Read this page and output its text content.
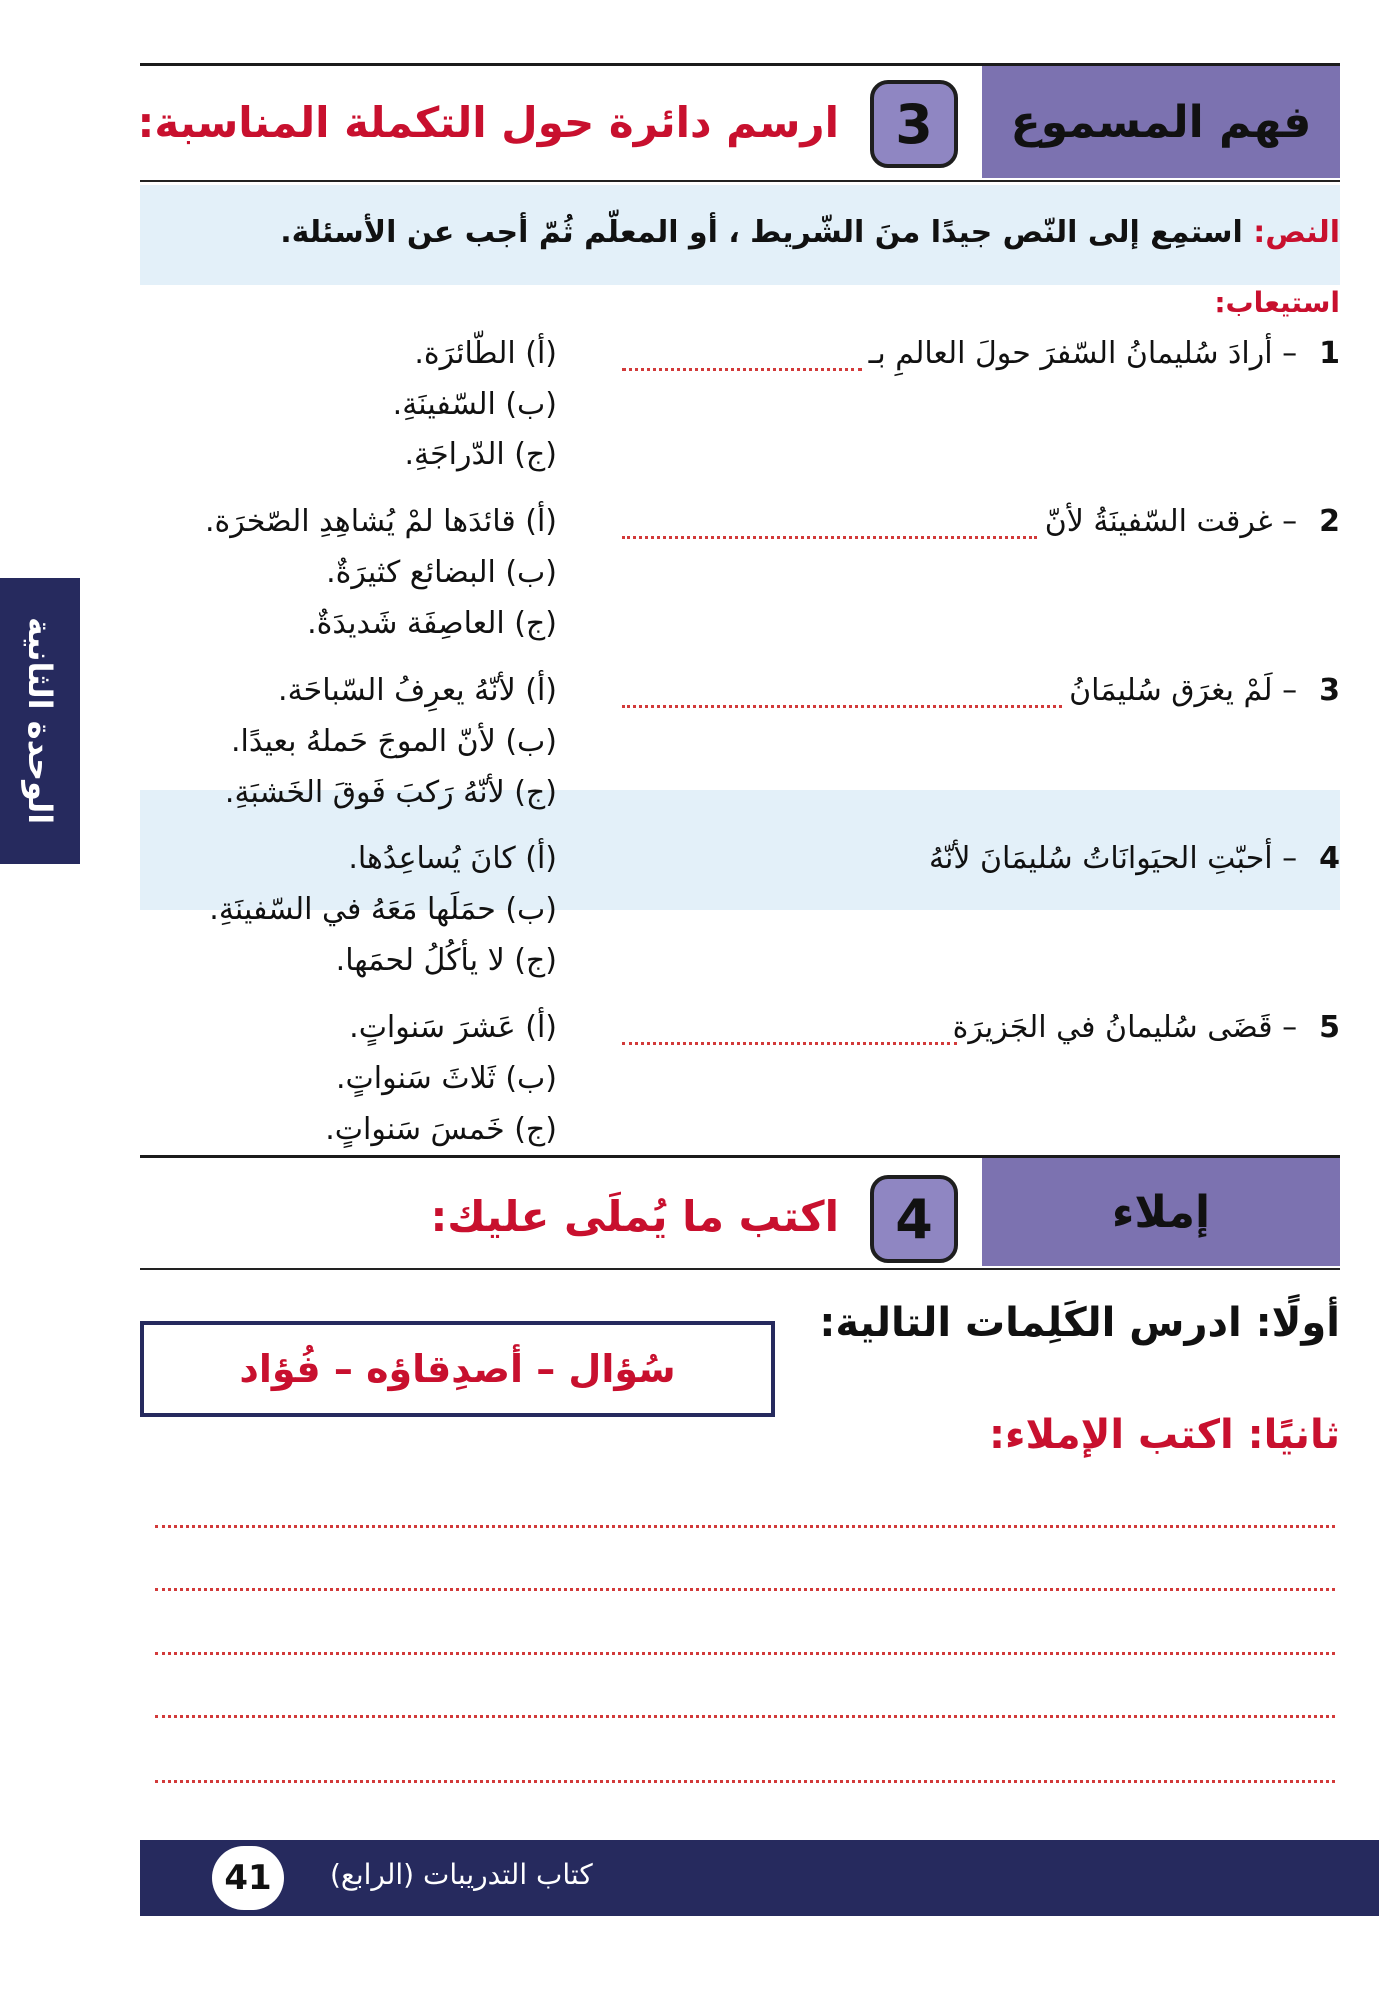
الوحدة الثانية
فهم المسموع
3
ارسم دائرة حول التكملة المناسبة:
النص: استمِع إلى النّص جيدًا منَ الشّريط ، أو المعلّم ثُمّ أجب عن الأسئلة.
استيعاب:
1– أرادَ سُليمانُ السّفرَ حولَ العالمِ بـ
(أ) الطّائرَة.
(ب) السّفينَةِ.
(ج) الدّراجَةِ.
2– غرقت السّفينَةُ لأنّ
(أ) قائدَها لمْ يُشاهِدِ الصّخرَة.
(ب) البضائع كثيرَةٌ.
(ج) العاصِفَة شَديدَةٌ.
3– لَمْ يغرَق سُليمَانُ
(أ) لأنّهُ يعرِفُ السّباحَة.
(ب) لأنّ الموجَ حَملهُ بعيدًا.
(ج) لأنّهُ رَكبَ فَوقَ الخَشبَةِ.
4– أحبّتِ الحيَوانَاتُ سُليمَانَ لأنّهُ
(أ) كانَ يُساعِدُها.
(ب) حمَلَها مَعَهُ في السّفينَةِ.
(ج) لا يأكُلُ لحمَها.
5– قَضَى سُليمانُ في الجَزيرَة
(أ) عَشرَ سَنواتٍ.
(ب) ثَلاثَ سَنواتٍ.
(ج) خَمسَ سَنواتٍ.
إملاء
4
اكتب ما يُملَى عليك:
أولًا: ادرس الكَلِمات التالية:
سُؤال – أصدِقاؤه – فُؤاد
ثانيًا: اكتب الإملاء:
41	كتاب التدريبات (الرابع)
